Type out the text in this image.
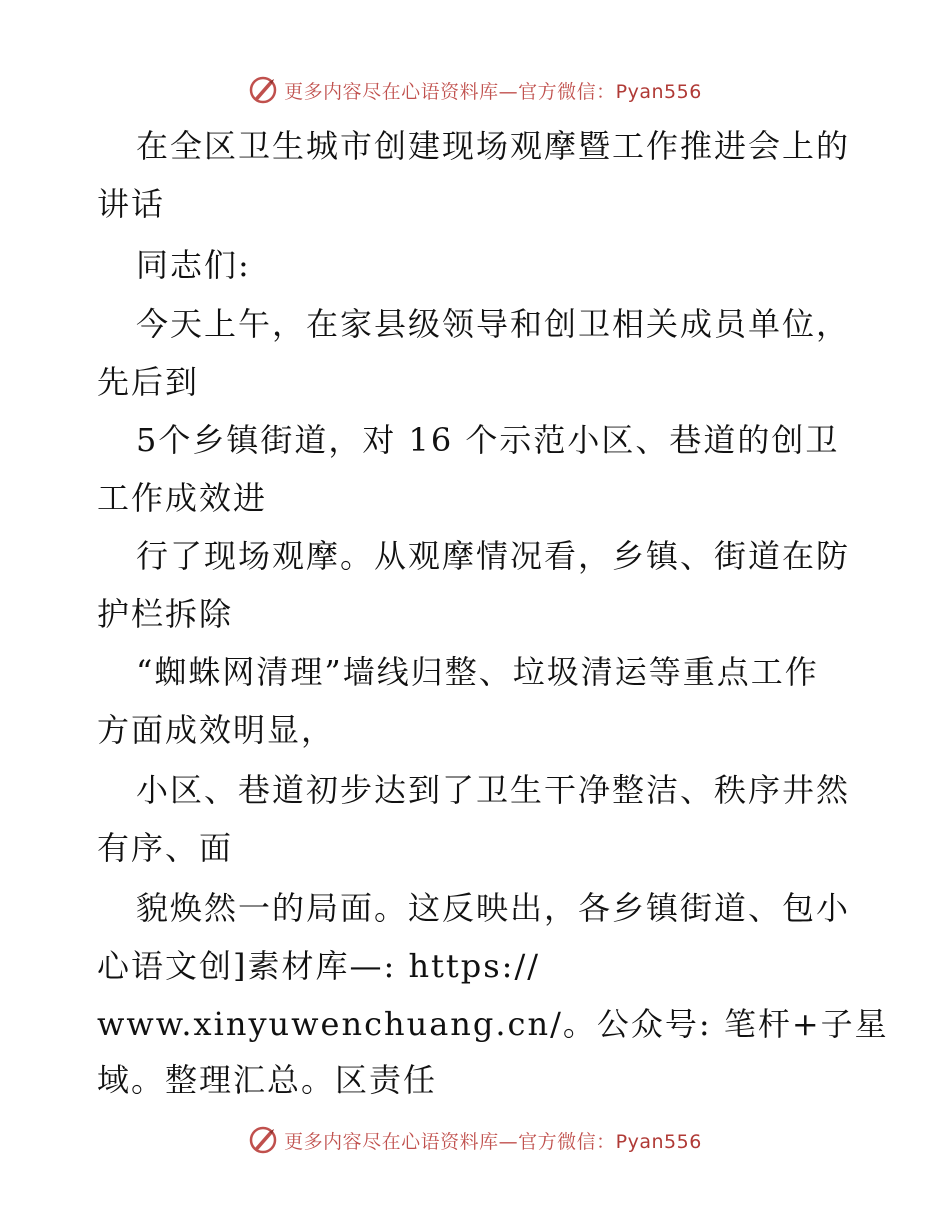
更多内容尽在心语资料库—官方微信：Pyan556
在全区卫生城市创建现场观摩暨工作推进会上的
讲话
同志们:
今天上午，在家县级领导和创卫相关成员单位，
先后到
5个乡镇街道，对 16 个示范小区、巷道的创卫
工作成效进
行了现场观摩。从观摩情况看，乡镇、街道在防
护栏拆除
“蜘蛛网清理”墙线归整、垃圾清运等重点工作
方面成效明显，
小区、巷道初步达到了卫生干净整洁、秩序井然
有序、面
貌焕然一的局面。这反映出，各乡镇街道、包小
心语文创]素材库—: https://
www.xinyuwenchuang.cn/。公众号: 笔杆+子星
域。整理汇总。区责任
更多内容尽在心语资料库—官方微信：Pyan556
